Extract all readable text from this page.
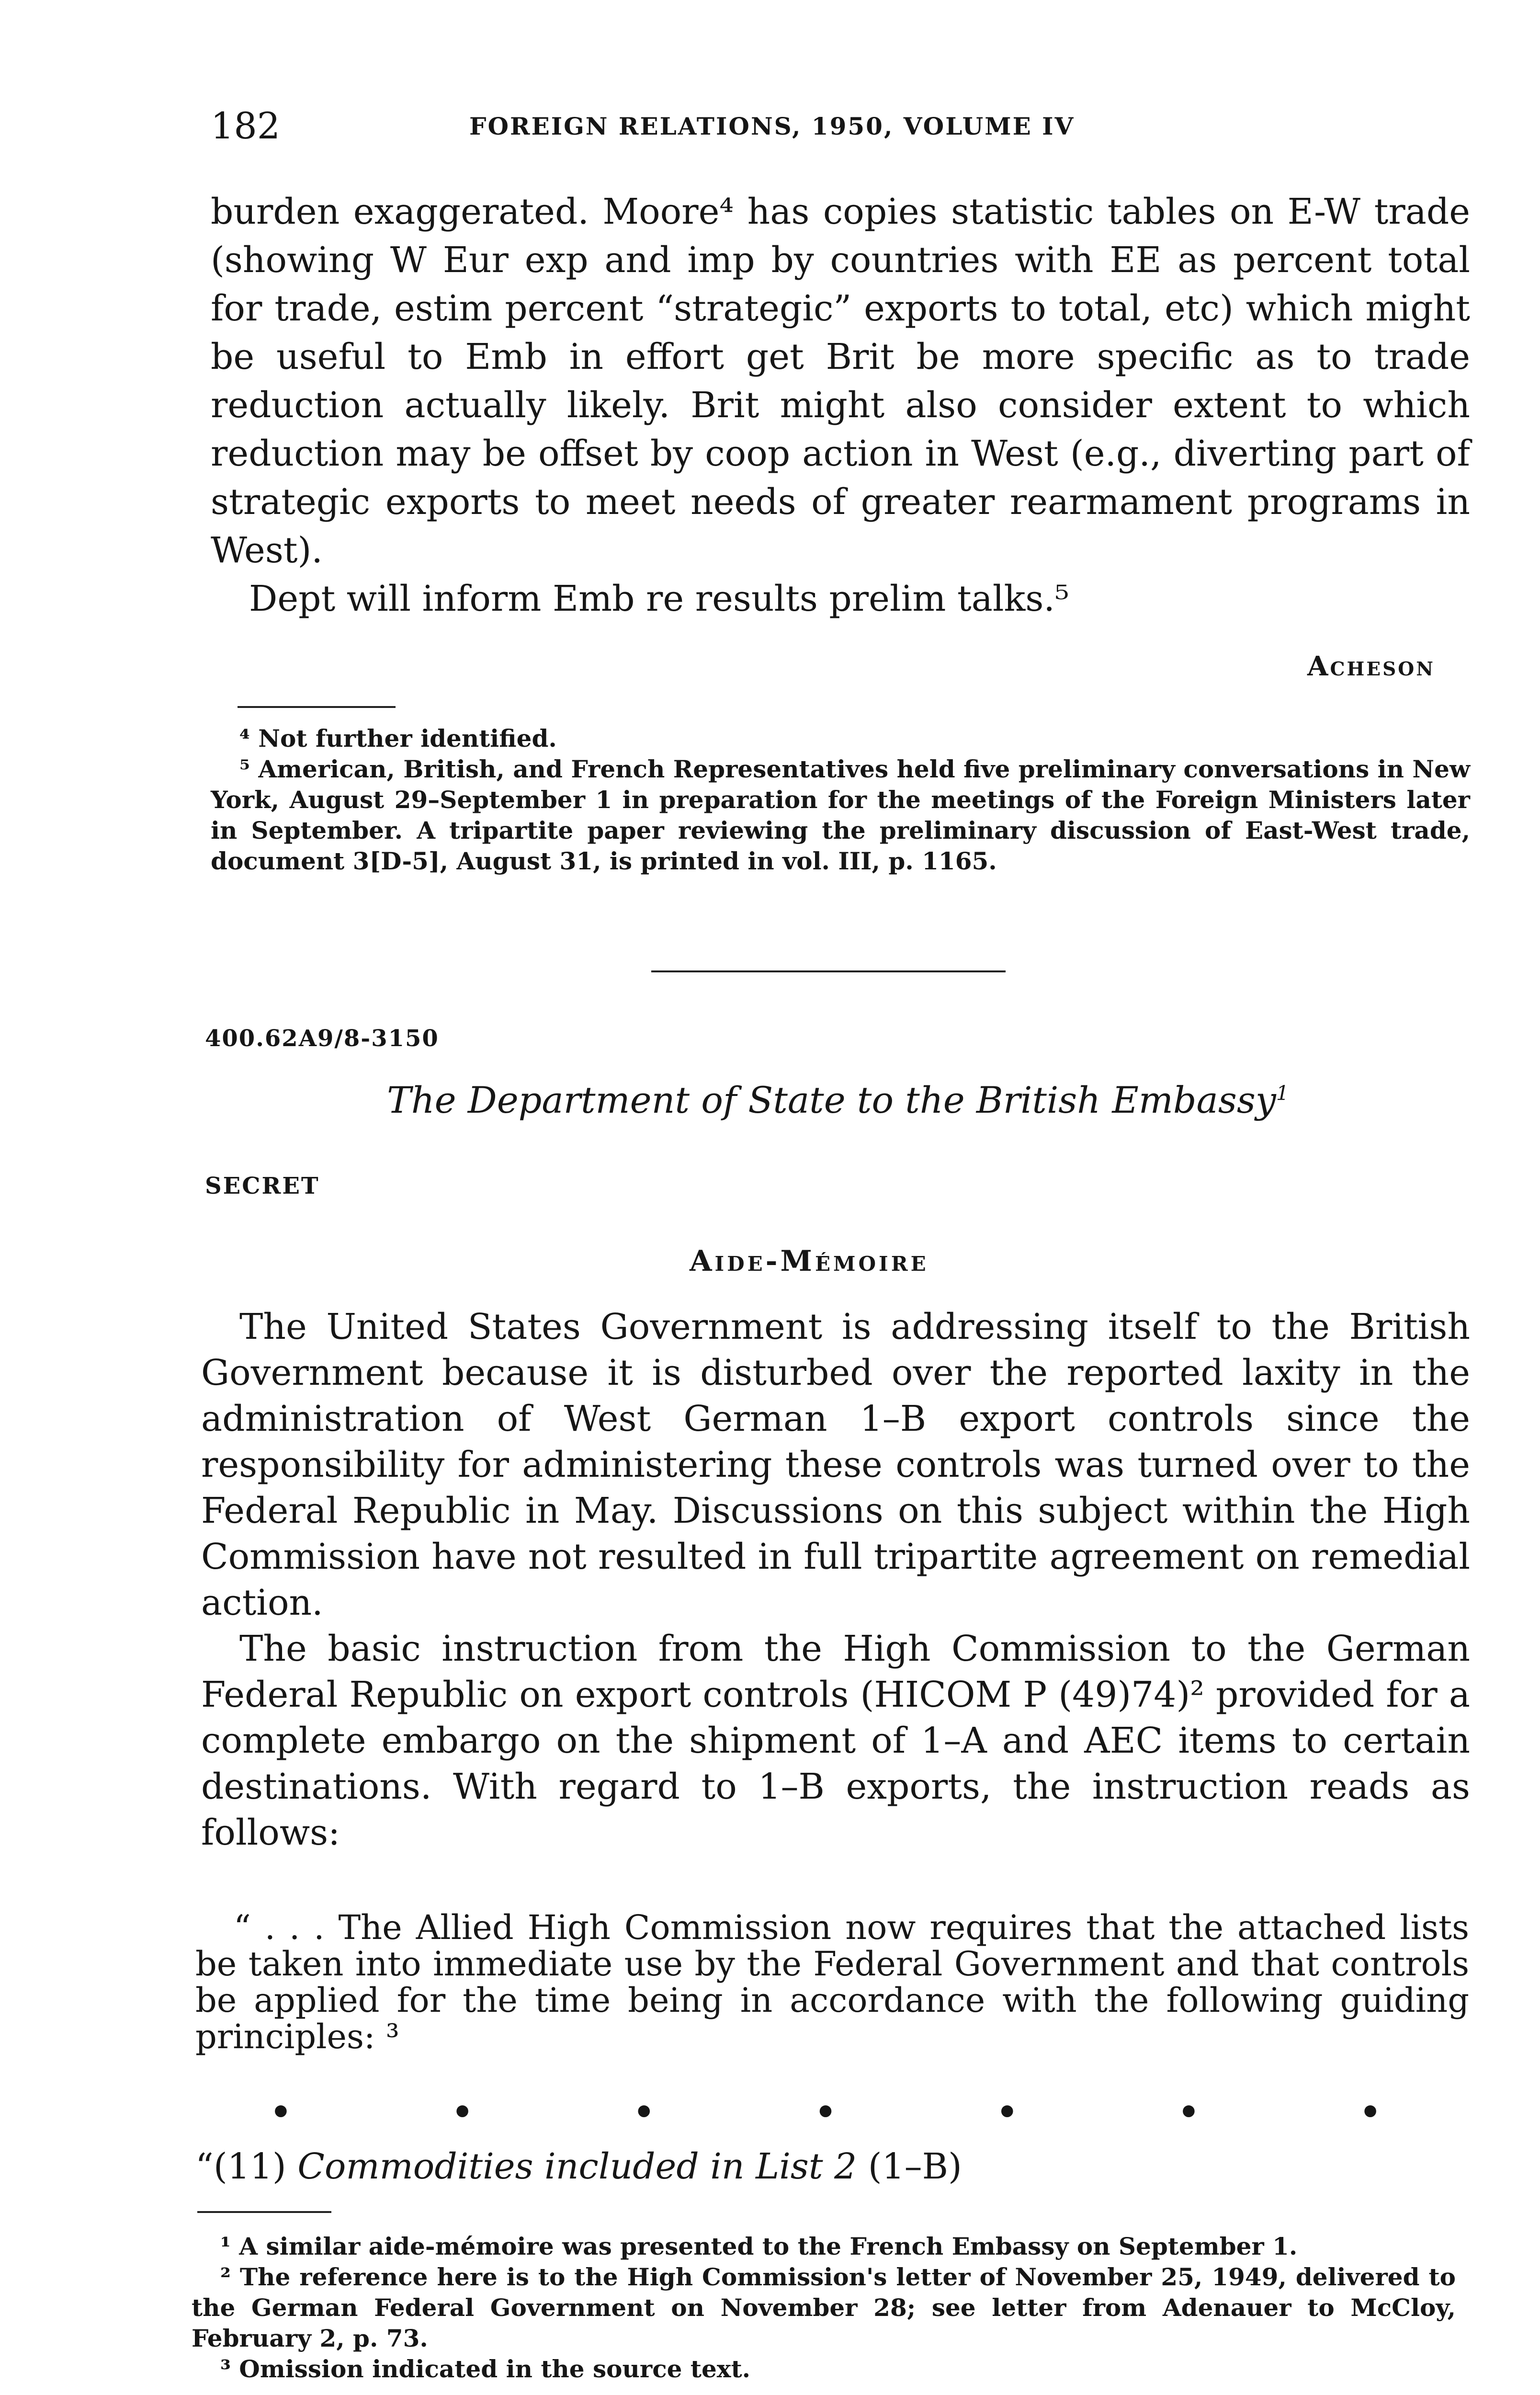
182	FOREIGN RELATIONS, 1950, VOLUME IV

burden exaggerated. Moore⁴ has copies statistic tables on E-W trade (showing W Eur exp and imp by countries with EE as percent total for trade, estim percent “strategic” exports to total, etc) which might be useful to Emb in effort get Brit be more specific as to trade reduction actually likely. Brit might also consider extent to which reduction may be offset by coop action in West (e.g., diverting part of strategic exports to meet needs of greater rearmament programs in West).

Dept will inform Emb re results prelim talks.⁵

Acheson

⁴ Not further identified.

⁵ American, British, and French Representatives held five preliminary conversations in New York, August 29–September 1 in preparation for the meetings of the Foreign Ministers later in September. A tripartite paper reviewing the preliminary discussion of East-West trade, document 3[D-5], August 31, is printed in vol. III, p. 1165.

400.62A9/8-3150
The Department of State to the British Embassy$^1$
SECRET
Aide-Mémoire

The United States Government is addressing itself to the British Government because it is disturbed over the reported laxity in the administration of West German 1–B export controls since the responsibility for administering these controls was turned over to the Federal Republic in May. Discussions on this subject within the High Commission have not resulted in full tripartite agreement on remedial action.

The basic instruction from the High Commission to the German Federal Republic on export controls (HICOM P (49)74)² provided for a complete embargo on the shipment of 1–A and AEC items to certain destinations. With regard to 1–B exports, the instruction reads as follows:

“ . . . The Allied High Commission now requires that the attached lists be taken into immediate use by the Federal Government and that controls be applied for the time being in accordance with the following guiding principles: ³

•	•	•	•	•	•	•
“(11) Commodities included in List 2 (1–B)

¹ A similar aide-mémoire was presented to the French Embassy on September 1.

² The reference here is to the High Commission's letter of November 25, 1949, delivered to the German Federal Government on November 28; see letter from Adenauer to McCloy, February 2, p. 73.

³ Omission indicated in the source text.
